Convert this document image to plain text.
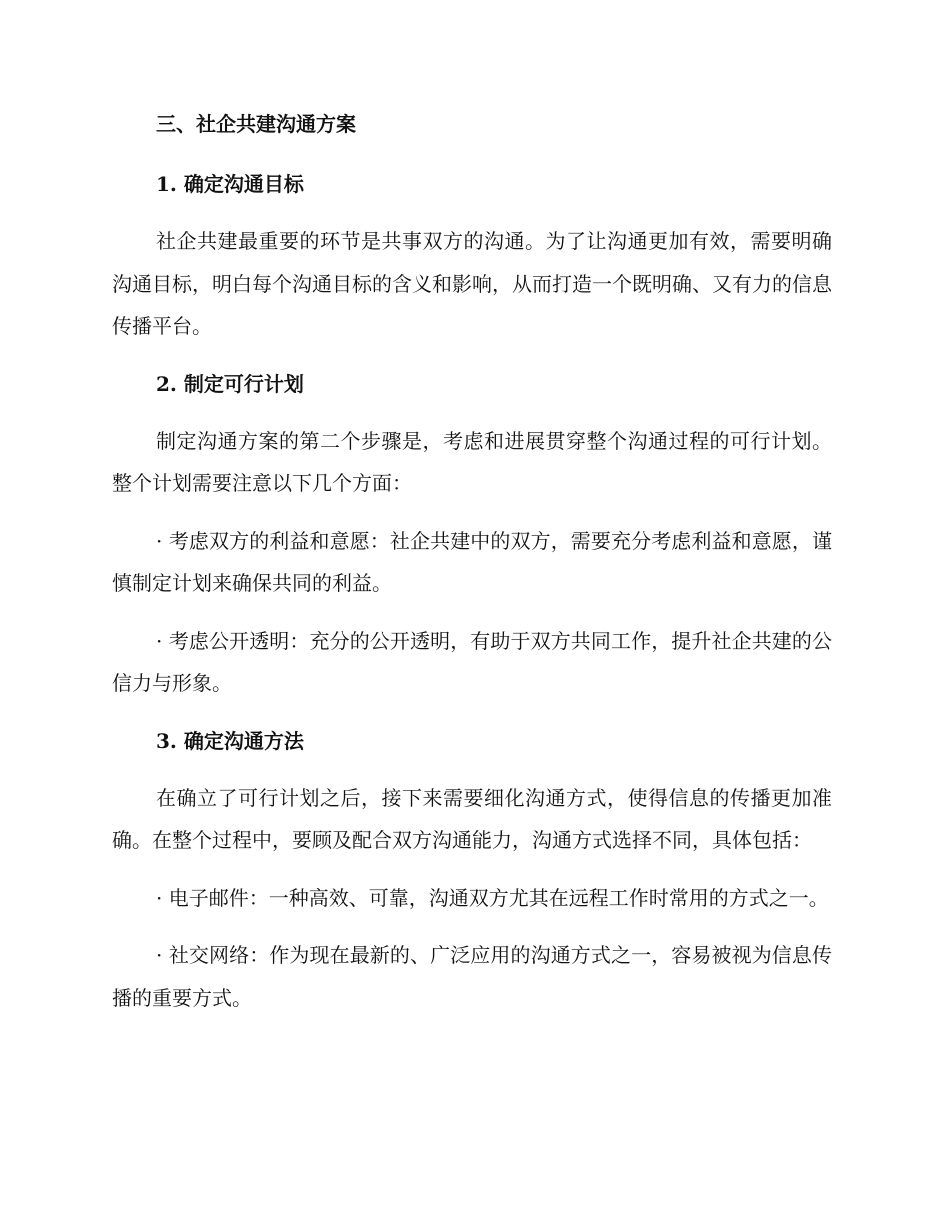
三、社企共建沟通方案
1. 确定沟通目标

社企共建最重要的环节是共事双方的沟通。为了让沟通更加有效，需要明确沟通目标，明白每个沟通目标的含义和影响，从而打造一个既明确、又有力的信息传播平台。

2. 制定可行计划

制定沟通方案的第二个步骤是，考虑和进展贯穿整个沟通过程的可行计划。整个计划需要注意以下几个方面：

· 考虑双方的利益和意愿：社企共建中的双方，需要充分考虑利益和意愿，谨慎制定计划来确保共同的利益。

· 考虑公开透明：充分的公开透明，有助于双方共同工作，提升社企共建的公信力与形象。

3. 确定沟通方法

在确立了可行计划之后，接下来需要细化沟通方式，使得信息的传播更加准确。在整个过程中，要顾及配合双方沟通能力，沟通方式选择不同，具体包括：

· 电子邮件：一种高效、可靠，沟通双方尤其在远程工作时常用的方式之一。

· 社交网络：作为现在最新的、广泛应用的沟通方式之一，容易被视为信息传播的重要方式。
